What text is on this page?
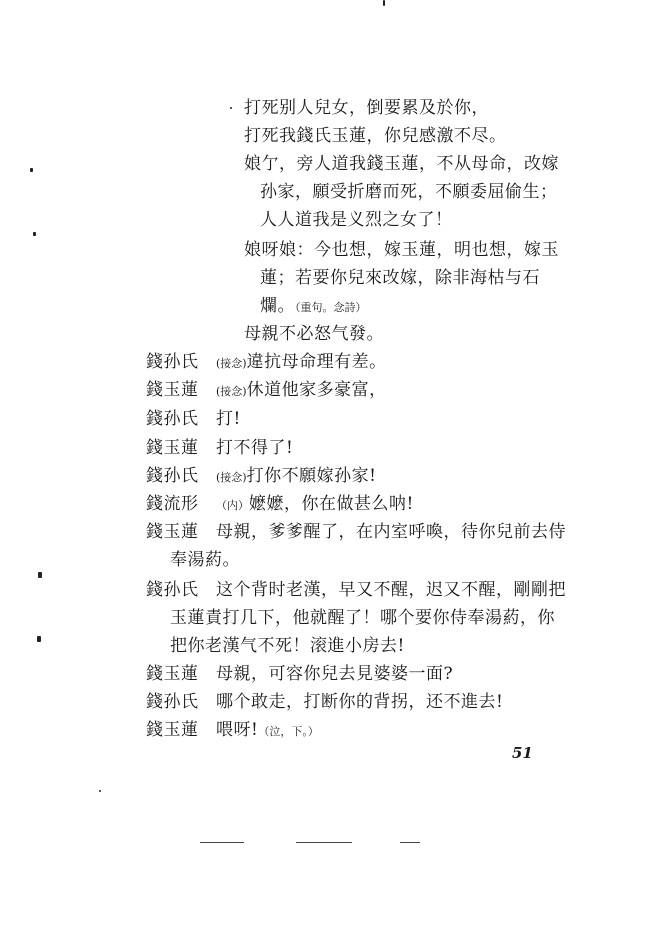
打死别人兒女，倒要累及於你，
打死我錢氏玉蓮，你兒感激不尽。
娘亇，旁人道我錢玉蓮，不从母命，改嫁
孙家，願受折磨而死，不願委屈偷生；
人人道我是义烈之女了！
娘呀娘：今也想，嫁玉蓮，明也想，嫁玉
蓮；若要你兒來改嫁，除非海枯与石
爛。（重句。念詩）
母親不必怒气發。
錢孙氏 (接念)違抗母命理有差。
錢玉蓮 (接念)休道他家多豪富，
錢孙氏 打!
錢玉蓮 打不得了!
錢孙氏 (接念)打你不願嫁孙家!
錢流形 （内）嬷嬷，你在做甚么呐!
錢玉蓮 母親，爹爹醒了，在内室呼喚，待你兒前去侍
奉湯葯。
錢孙氏 这个背时老漢，早又不醒，迟又不醒，剛剛把
玉蓮責打几下，他就醒了！哪个要你侍奉湯葯，你
把你老漢气不死！滚進小房去!
錢玉蓮 母親，可容你兒去見婆婆一面?
錢孙氏 哪个敢走，打断你的背拐，还不進去!
錢玉蓮 喂呀!（泣，下。）
51
